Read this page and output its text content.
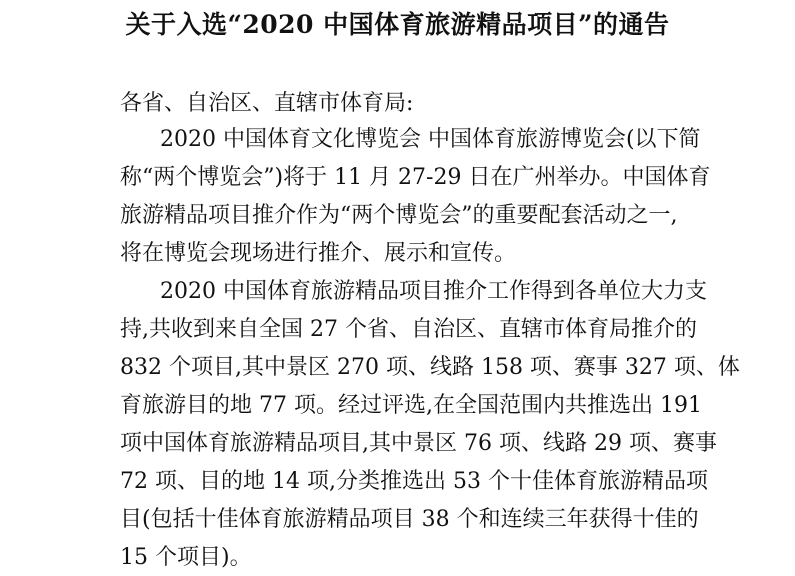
关于入选“2020 中国体育旅游精品项目”的通告
各省、自治区、直辖市体育局:
2020 中国体育文化博览会 中国体育旅游博览会(以下简
称“两个博览会”)将于 11 月 27-29 日在广州举办。中国体育
旅游精品项目推介作为“两个博览会”的重要配套活动之一,
将在博览会现场进行推介、展示和宣传。
2020 中国体育旅游精品项目推介工作得到各单位大力支
持,共收到来自全国 27 个省、自治区、直辖市体育局推介的
832 个项目,其中景区 270 项、线路 158 项、赛事 327 项、体
育旅游目的地 77 项。经过评选,在全国范围内共推选出 191
项中国体育旅游精品项目,其中景区 76 项、线路 29 项、赛事
72 项、目的地 14 项,分类推选出 53 个十佳体育旅游精品项
目(包括十佳体育旅游精品项目 38 个和连续三年获得十佳的
15 个项目)。
